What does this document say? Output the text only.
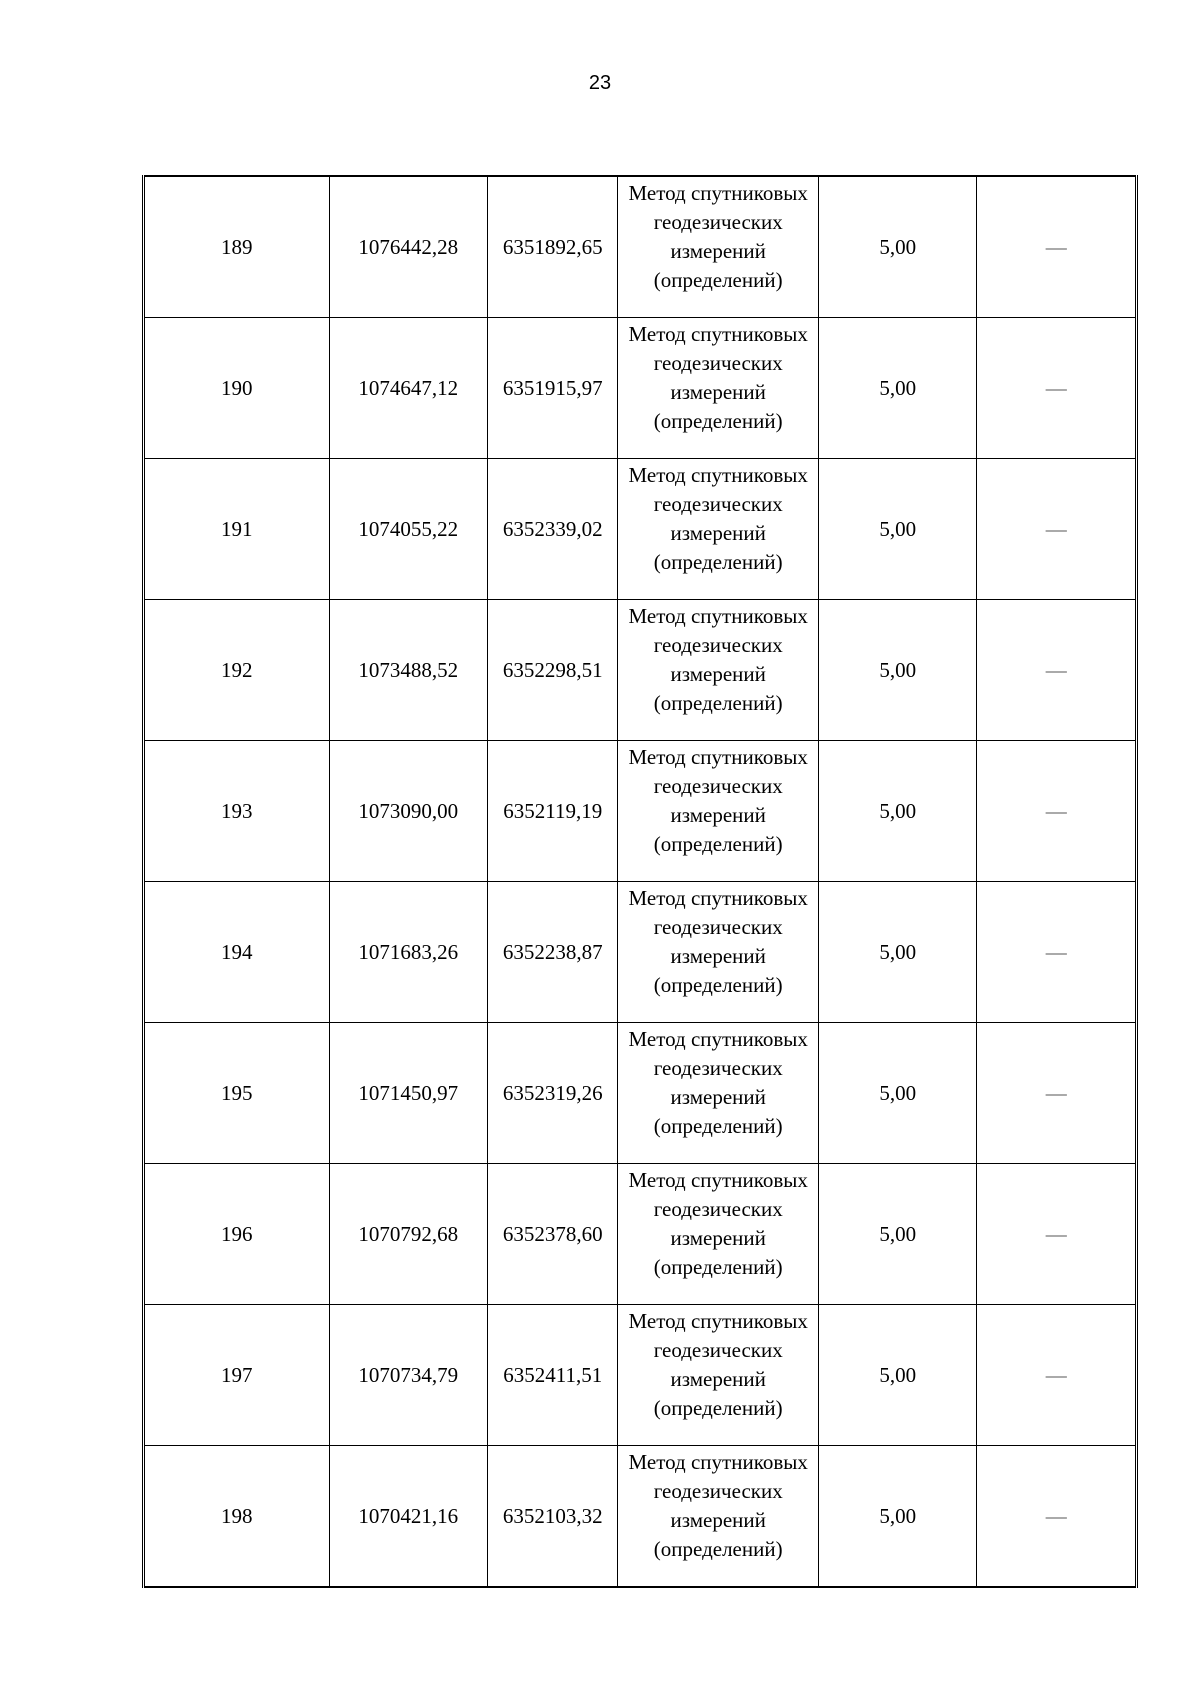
23
189	1076442,28	6351892,65	Метод спутниковых геодезических измерений (определений)	5,00	—
190	1074647,12	6351915,97	Метод спутниковых геодезических измерений (определений)	5,00	—
191	1074055,22	6352339,02	Метод спутниковых геодезических измерений (определений)	5,00	—
192	1073488,52	6352298,51	Метод спутниковых геодезических измерений (определений)	5,00	—
193	1073090,00	6352119,19	Метод спутниковых геодезических измерений (определений)	5,00	—
194	1071683,26	6352238,87	Метод спутниковых геодезических измерений (определений)	5,00	—
195	1071450,97	6352319,26	Метод спутниковых геодезических измерений (определений)	5,00	—
196	1070792,68	6352378,60	Метод спутниковых геодезических измерений (определений)	5,00	—
197	1070734,79	6352411,51	Метод спутниковых геодезических измерений (определений)	5,00	—
198	1070421,16	6352103,32	Метод спутниковых геодезических измерений (определений)	5,00	—
